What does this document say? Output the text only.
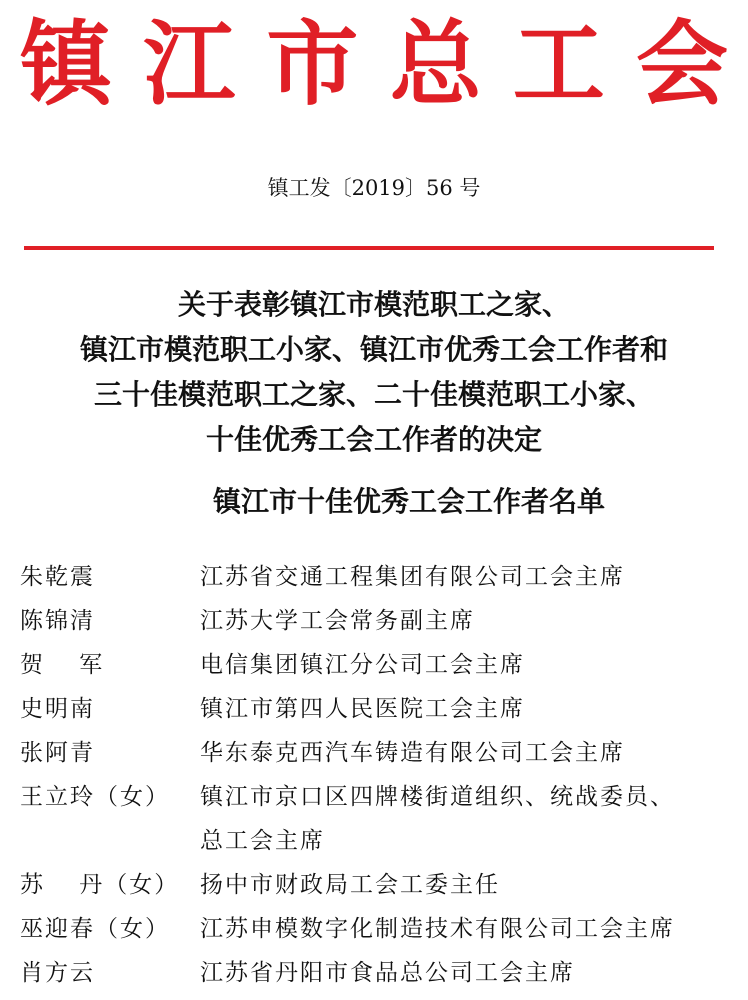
镇 江 市 总 工 会
镇工发〔2019〕56 号
关于表彰镇江市模范职工之家、
镇江市模范职工小家、镇江市优秀工会工作者和
三十佳模范职工之家、二十佳模范职工小家、
十佳优秀工会工作者的决定
镇江市十佳优秀工会工作者名单
朱乾震	江苏省交通工程集团有限公司工会主席
陈锦清	江苏大学工会常务副主席
贺　 军	电信集团镇江分公司工会主席
史明南	镇江市第四人民医院工会主席
张阿青	华东泰克西汽车铸造有限公司工会主席
王立玲（女）	镇江市京口区四牌楼街道组织、统战委员、
总工会主席
苏　 丹（女） 扬中市财政局工会工委主任
巫迎春（女）	江苏申模数字化制造技术有限公司工会主席
肖方云	江苏省丹阳市食品总公司工会主席
